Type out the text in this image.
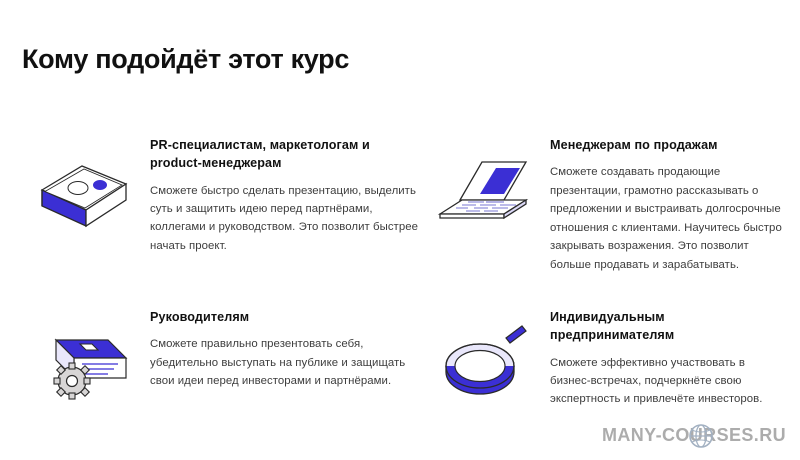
Кому подойдёт этот курс

PR-специалистам, маркетологам и product-менеджерам

Сможете быстро сделать презентацию, выделить суть и защитить идею перед партнёрами, коллегами и руководством. Это позволит быстрее начать проект.

Менеджерам по продажам

Сможете создавать продающие презентации, грамотно рассказывать о предложении и выстраивать долгосрочные отношения с клиентами. Научитесь быстро закрывать возражения. Это позволит больше продавать и зарабатывать.

Руководителям

Сможете правильно презентовать себя, убедительно выступать на публике и защищать свои идеи перед инвесторами и партнёрами.

Индивидуальным предпринимателям

Сможете эффективно участвовать в бизнес-встречах, подчеркнёте свою экспертность и привлечёте инвесторов.

MANY-COURSES.RU
